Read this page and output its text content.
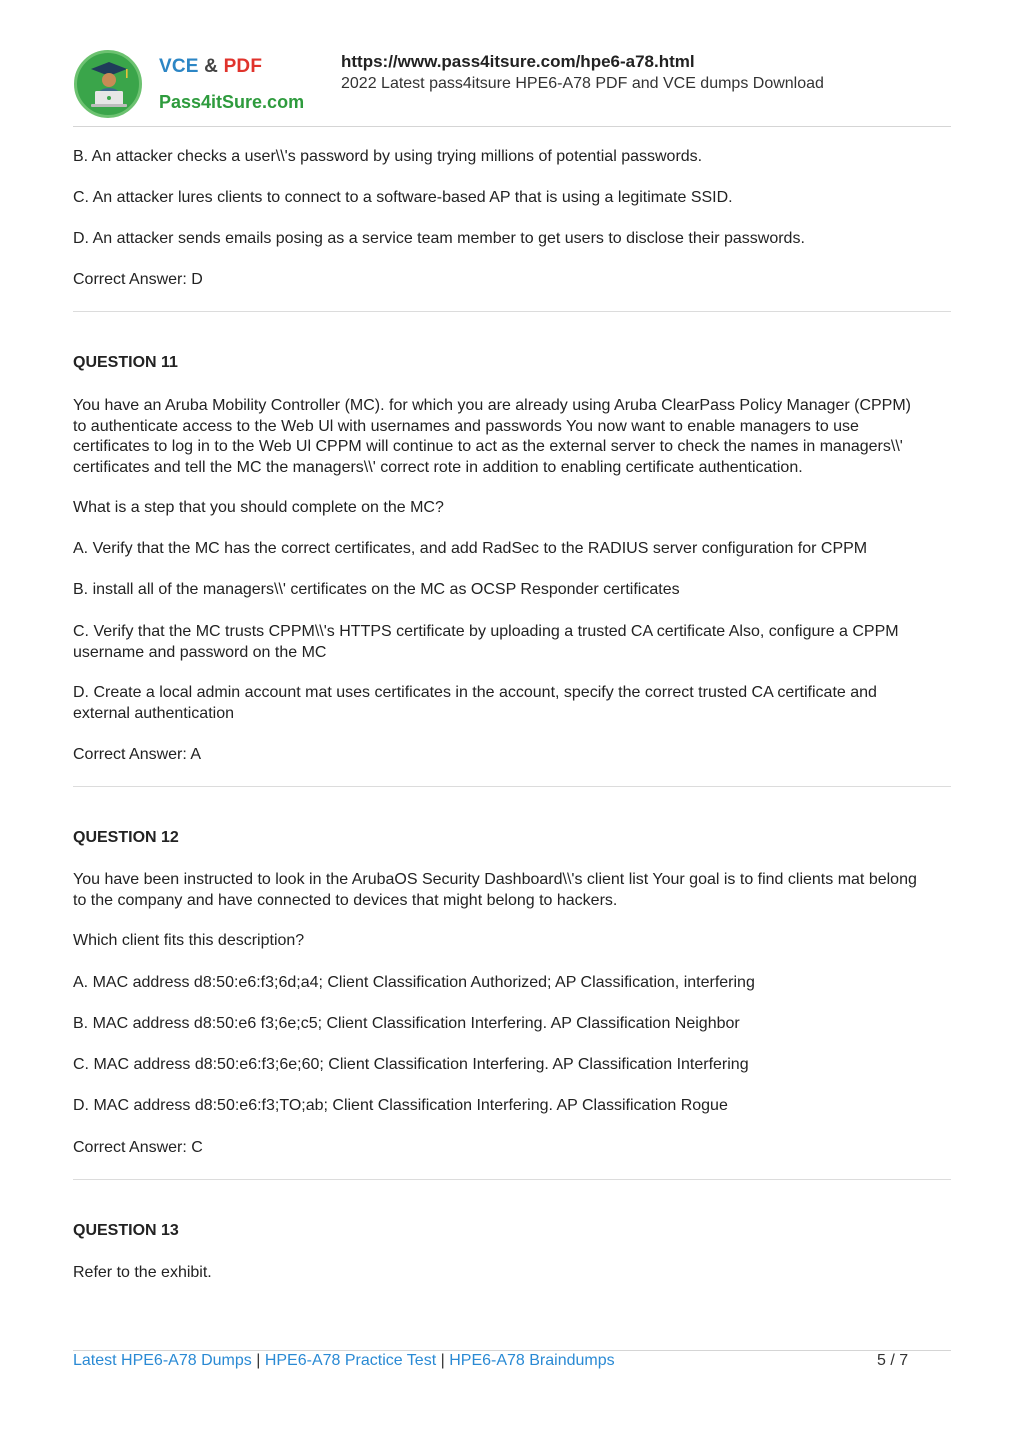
VCE & PDF
Pass4itSure.com
https://www.pass4itsure.com/hpe6-a78.html
2022 Latest pass4itsure HPE6-A78 PDF and VCE dumps Download

B. An attacker checks a user\\'s password by using trying millions of potential passwords.

C. An attacker lures clients to connect to a software-based AP that is using a legitimate SSID.

D. An attacker sends emails posing as a service team member to get users to disclose their passwords.

Correct Answer: D

QUESTION 11

You have an Aruba Mobility Controller (MC). for which you are already using Aruba ClearPass Policy Manager (CPPM)

to authenticate access to the Web Ul with usernames and passwords You now want to enable managers to use

certificates to log in to the Web Ul CPPM will continue to act as the external server to check the names in managers\\'

certificates and tell the MC the managers\\' correct rote in addition to enabling certificate authentication.

What is a step that you should complete on the MC?

A. Verify that the MC has the correct certificates, and add RadSec to the RADIUS server configuration for CPPM

B. install all of the managers\\' certificates on the MC as OCSP Responder certificates

C. Verify that the MC trusts CPPM\\'s HTTPS certificate by uploading a trusted CA certificate Also, configure a CPPM

username and password on the MC

D. Create a local admin account mat uses certificates in the account, specify the correct trusted CA certificate and

external authentication

Correct Answer: A

QUESTION 12

You have been instructed to look in the ArubaOS Security Dashboard\\'s client list Your goal is to find clients mat belong

to the company and have connected to devices that might belong to hackers.

Which client fits this description?

A. MAC address d8:50:e6:f3;6d;a4; Client Classification Authorized; AP Classification, interfering

B. MAC address d8:50:e6 f3;6e;c5; Client Classification Interfering. AP Classification Neighbor

C. MAC address d8:50:e6:f3;6e;60; Client Classification Interfering. AP Classification Interfering

D. MAC address d8:50:e6:f3;TO;ab; Client Classification Interfering. AP Classification Rogue

Correct Answer: C

QUESTION 13

Refer to the exhibit.

Latest HPE6-A78 Dumps | HPE6-A78 Practice Test | HPE6-A78 Braindumps	5 / 7
